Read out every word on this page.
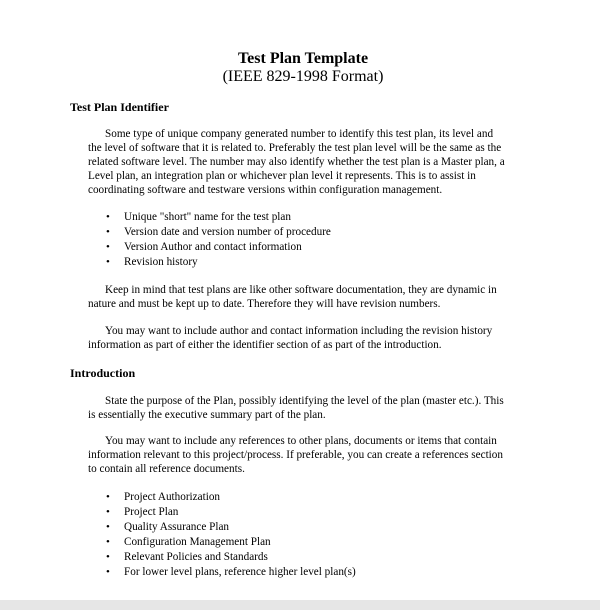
Test Plan Template
(IEEE 829-1998 Format)
Test Plan Identifier
Some type of unique company generated number to identify this test plan, its level and
the level of software that it is related to. Preferably the test plan level will be the same as the
related software level. The number may also identify whether the test plan is a Master plan, a
Level plan, an integration plan or whichever plan level it represents. This is to assist in
coordinating software and testware versions within configuration management.
• Unique "short" name for the test plan
• Version date and version number of procedure
• Version Author and contact information
• Revision history
Keep in mind that test plans are like other software documentation, they are dynamic in
nature and must be kept up to date. Therefore they will have revision numbers.
You may want to include author and contact information including the revision history
information as part of either the identifier section of as part of the introduction.
Introduction
State the purpose of the Plan, possibly identifying the level of the plan (master etc.). This
is essentially the executive summary part of the plan.
You may want to include any references to other plans, documents or items that contain
information relevant to this project/process. If preferable, you can create a references section
to contain all reference documents.
• Project Authorization
• Project Plan
• Quality Assurance Plan
• Configuration Management Plan
• Relevant Policies and Standards
• For lower level plans, reference higher level plan(s)
